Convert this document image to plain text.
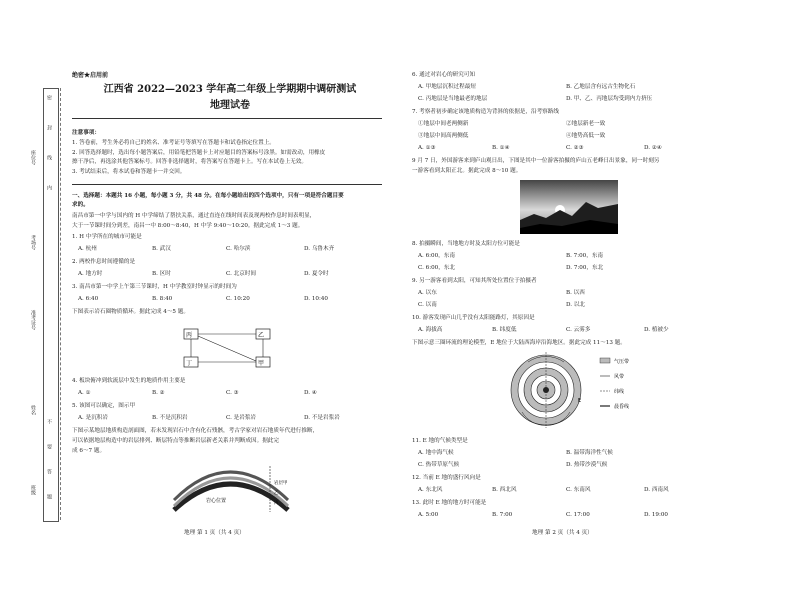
密
封
线
内
不
要
答
题
座位号
考场号
准考证号
姓名
班级
绝密★启用前
江西省 2022—2023 学年高二年级上学期期中调研测试
地理试卷
注意事项：
1. 答卷前，考生务必将自己的姓名、准考证号等填写在答题卡和试卷指定位置上。
2. 回答选择题时，选出每小题答案后，用铅笔把答题卡上对应题目的答案标号涂黑。如需改动，用橡皮
擦干净后，再选涂其他答案标号。回答非选择题时，将答案写在答题卡上。写在本试卷上无效。
3. 考试结束后，将本试卷和答题卡一并交回。
一、选择题：本题共 16 小题，每小题 3 分，共 48 分。在每小题给出的四个选项中，只有一项是符合题目要
求的。
南昌市第一中学与国内的 H 中学缔结了帮扶关系，通过直连在线时间表及现两校作息时间表明显，
大于一节课时间分到差，南昌一中 8:00～8:40，H 中学 9:40～10:20。据此完成 1～3 题。
1. H 中学所在的城市可能是
A. 杭州	B. 武汉	C. 哈尔滨	D. 乌鲁木齐
2. 两校作息时间遵循的是
A. 地方时	B. 区时	C. 北京时间	D. 夏令时
3. 南昌市第一中学上午第三节课时，H 中学教室时钟显示的时间为
A. 6:40	B. 8:40	C. 10:20	D. 10:40
下图表示岩石圈物质循环。据此完成 4～5 题。
丙	乙
丁	甲
4. 板块俯冲到软流层中发生的地质作用主要是
A. ①	B. ②	C. ③	D. ④
5. 该图可以确定，图示甲
A. 是沉积岩	B. 不是沉积岩	C. 是岩浆岩	D. 不是岩浆岩
下图示某地层地质构造剖面图，若未发现岩石中含有化石残骸，考古学家对岩石地质年代进行推断，
可以依据地层构造中的岩层排列、断层特点等推断岩层新老关系并判断成因。据此完
成 6～7 题。
岩心位置
岩层甲
乙
丙
地理 第 1 页（共 4 页）
6. 通过对岩心的研究可知
A. 甲地层沉积过程最短	B. 乙地层含有远古生物化石
C. 丙地层是当地最老的地层	D. 甲、乙、丙地层均受到内力挤压
7. 考察者初步确定该地质构造为背斜的依据是，沿考察路线
①地层中间老两侧新	②地层新老一致
③地层中间高两侧低	④地势高低一致
A. ①③	B. ①④	C. ②③	D. ②④
9 月 7 日，外国游客来到庐山观日出，下图是其中一位游客拍摄的庐山五老峰日出景象，同一时刻另
一游客看到太阳正北。据此完成 8～10 题。
8. 拍摄瞬间，当地地方时及太阳方位可能是
A. 6:00，东南	B. 7:00，东南
C. 6:00，东北	D. 7:00，东北
9. 另一游客看到太阳，可知其所处位置位于拍摄者
A. 以东	B. 以西
C. 以南	D. 以北
10. 游客发现庐山几乎没有太阳能路灯，其原因是
A. 海拔高	B. 纬度低	C. 云雾多	D. 植被少
下图示意三圈环流的理论模型，E 地位于大陆西海岸沿海地区。据此完成 11～13 题。
E
气压带
风带
纬线
晨昏线
11. E 地的气候类型是
A. 地中海气候	B. 温带海洋性气候
C. 热带草原气候	D. 热带沙漠气候
12. 当前 E 地的盛行风向是
A. 东北风	B. 西北风	C. 东南风	D. 西南风
13. 此时 E 地的地方时可能是
A. 5:00	B. 7:00	C. 17:00	D. 19:00
地理 第 2 页（共 4 页）
